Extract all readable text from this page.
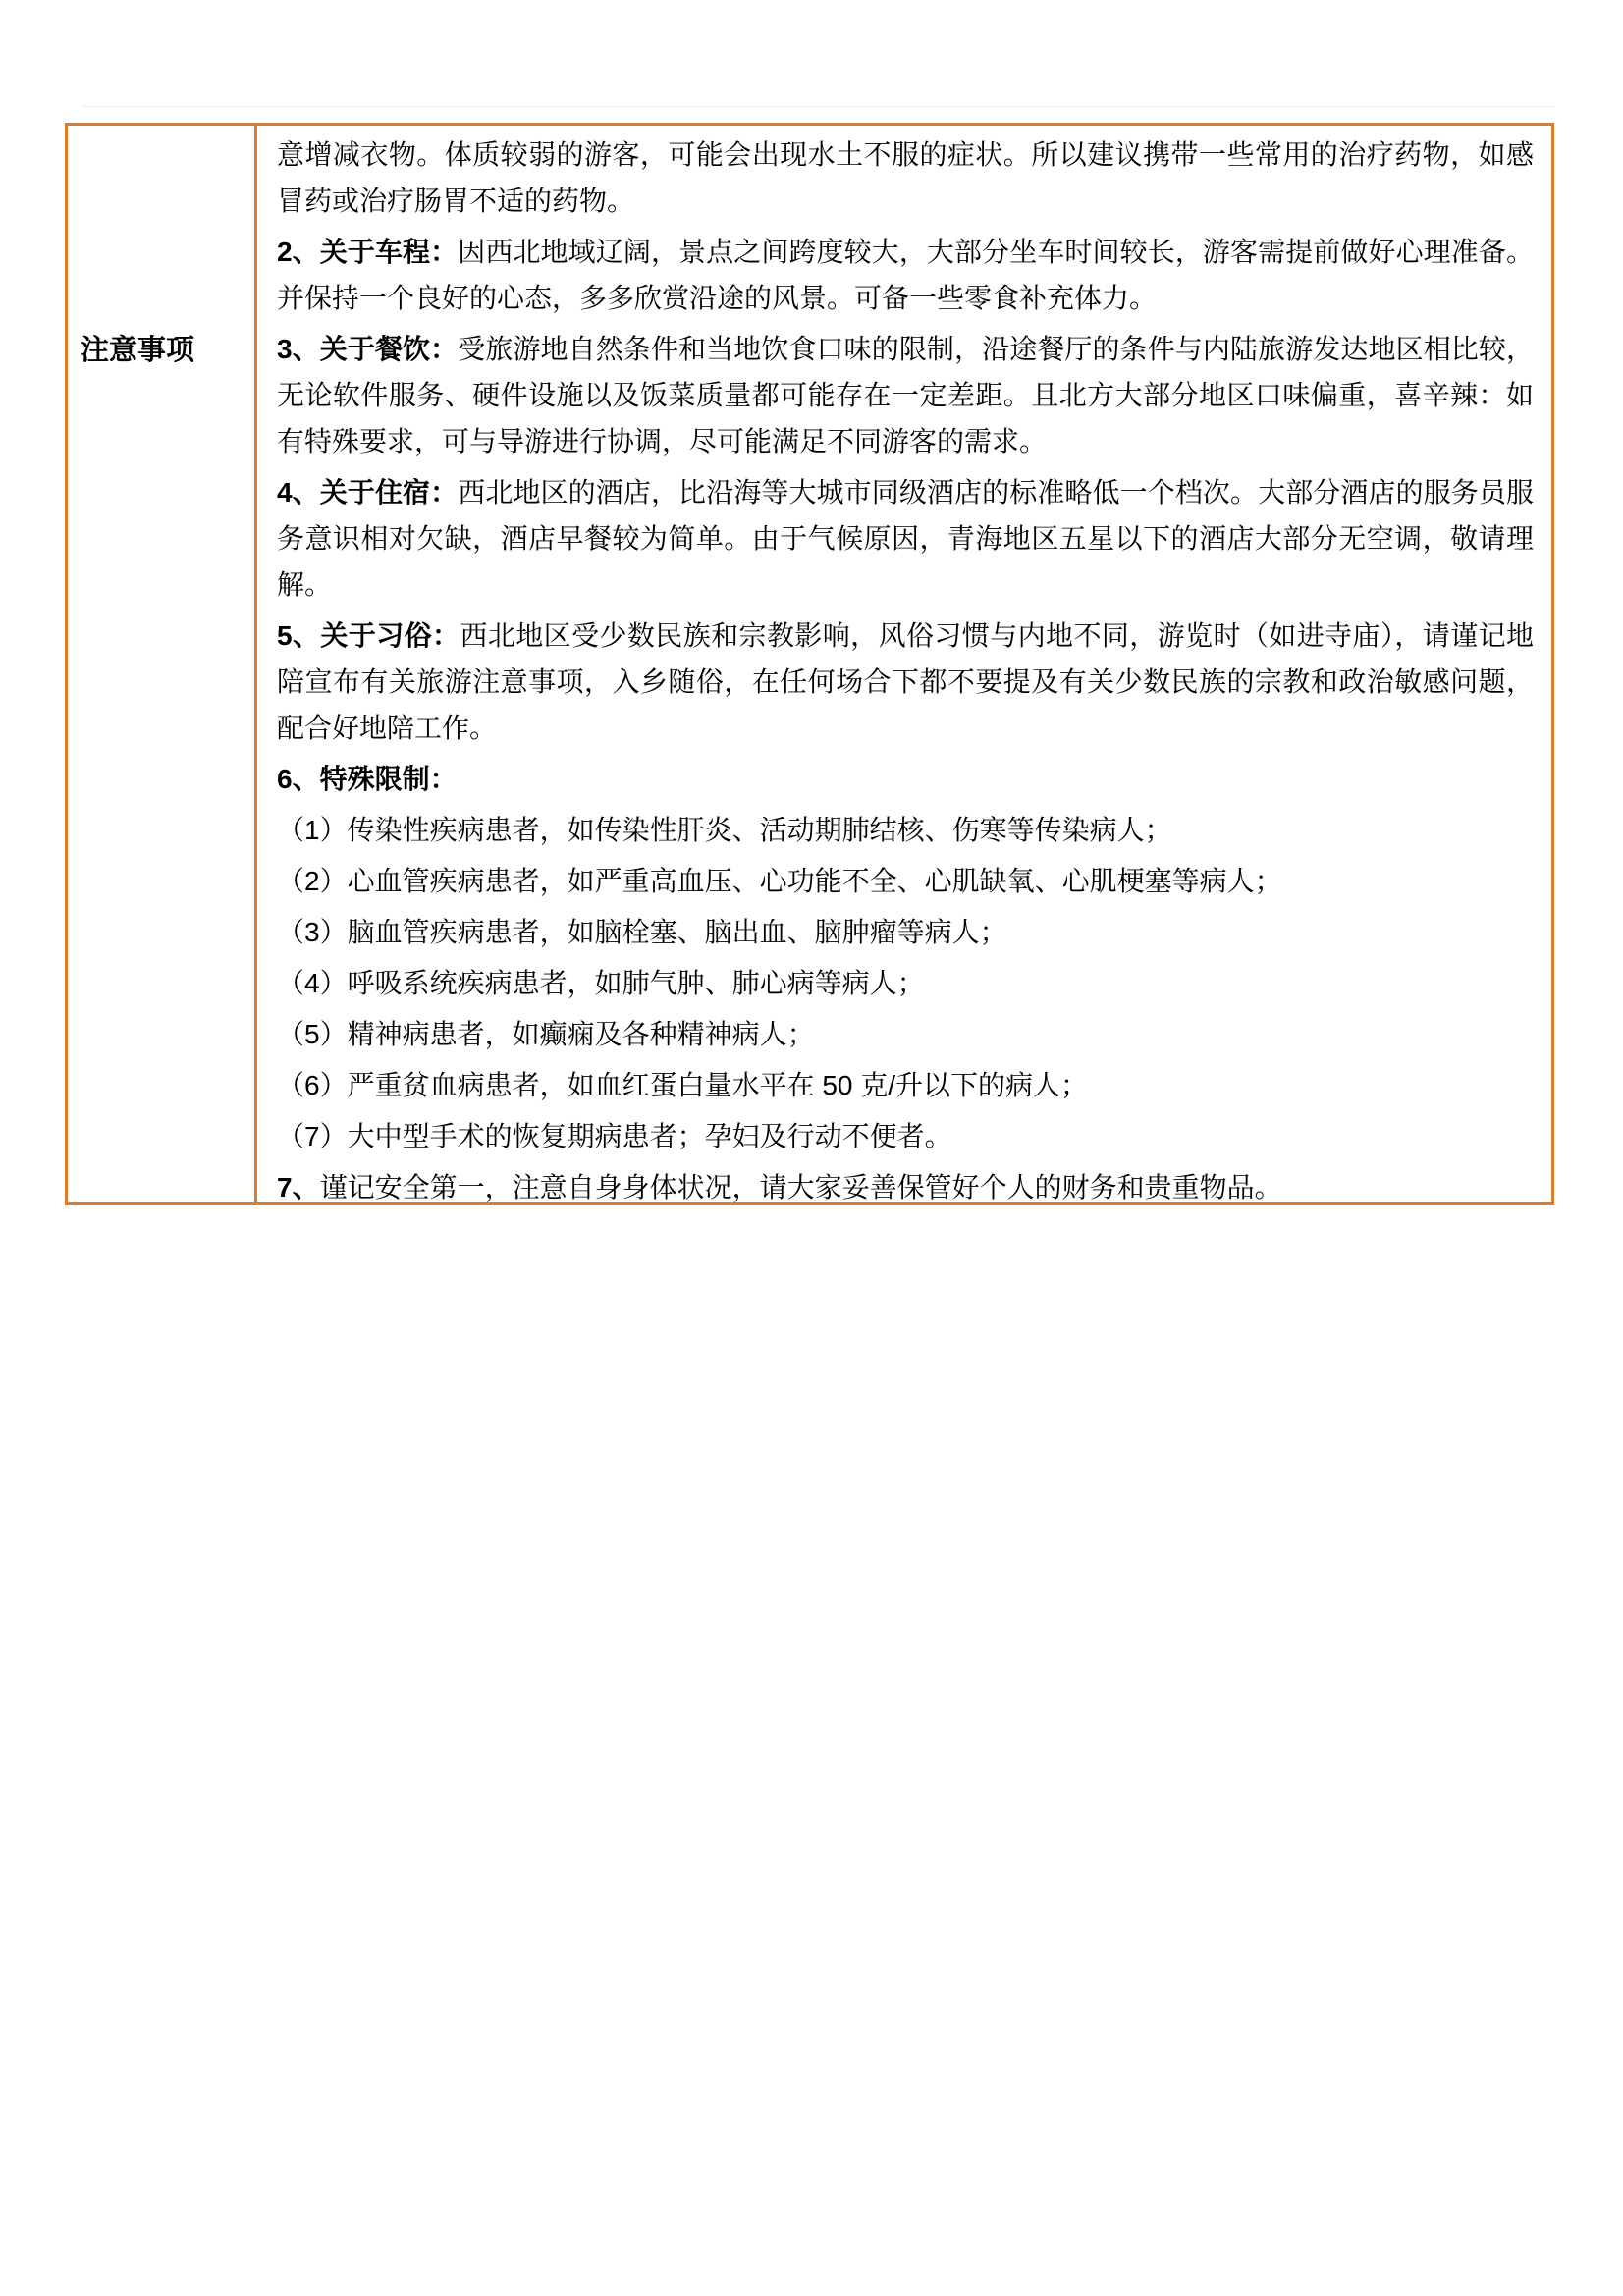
注意事项

意增减衣物。体质较弱的游客，可能会出现水土不服的症状。所以建议携带一些常用的治疗药物，如感冒药或治疗肠胃不适的药物。

2、关于车程：因西北地域辽阔，景点之间跨度较大，大部分坐车时间较长，游客需提前做好心理准备。并保持一个良好的心态，多多欣赏沿途的风景。可备一些零食补充体力。

3、关于餐饮：受旅游地自然条件和当地饮食口味的限制，沿途餐厅的条件与内陆旅游发达地区相比较，无论软件服务、硬件设施以及饭菜质量都可能存在一定差距。且北方大部分地区口味偏重，喜辛辣：如有特殊要求，可与导游进行协调，尽可能满足不同游客的需求。

4、关于住宿：西北地区的酒店，比沿海等大城市同级酒店的标准略低一个档次。大部分酒店的服务员服务意识相对欠缺，酒店早餐较为简单。由于气候原因，青海地区五星以下的酒店大部分无空调，敬请理解。

5、关于习俗：西北地区受少数民族和宗教影响，风俗习惯与内地不同，游览时（如进寺庙），请谨记地陪宣布有关旅游注意事项，入乡随俗，在任何场合下都不要提及有关少数民族的宗教和政治敏感问题，配合好地陪工作。

6、特殊限制：

（1）传染性疾病患者，如传染性肝炎、活动期肺结核、伤寒等传染病人；

（2）心血管疾病患者，如严重高血压、心功能不全、心肌缺氧、心肌梗塞等病人；

（3）脑血管疾病患者，如脑栓塞、脑出血、脑肿瘤等病人；

（4）呼吸系统疾病患者，如肺气肿、肺心病等病人；

（5）精神病患者，如癫痫及各种精神病人；

（6）严重贫血病患者，如血红蛋白量水平在 50 克/升以下的病人；

（7）大中型手术的恢复期病患者；孕妇及行动不便者。

7、谨记安全第一，注意自身身体状况，请大家妥善保管好个人的财务和贵重物品。
